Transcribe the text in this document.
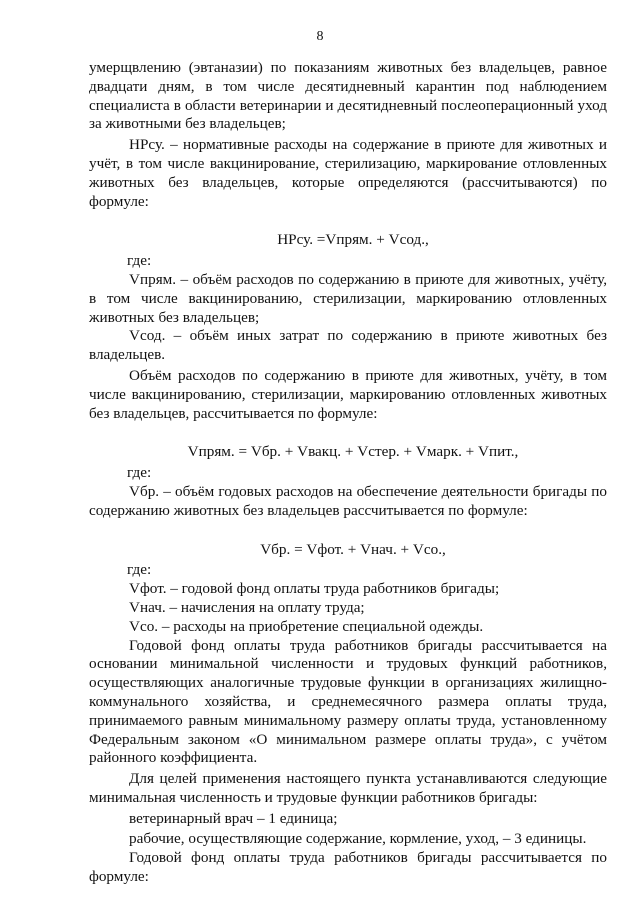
8

умерщвлению (эвтаназии) по показаниям животных без владельцев, равное двадцати дням, в том числе десятидневный карантин под наблюдением специалиста в области ветеринарии и десятидневный послеоперационный уход за животными без владельцев;

НРсу. – нормативные расходы на содержание в приюте для животных и учёт, в том числе вакцинирование, стерилизацию, маркирование отловленных животных без владельцев, которые определяются (рассчитываются) по формуле:

НРсу. =Vпрям. + Vсод.,

где:

Vпрям. – объём расходов по содержанию в приюте для животных, учёту, в том числе вакцинированию, стерилизации, маркированию отловленных животных без владельцев;

Vсод. – объём иных затрат по содержанию в приюте животных без владельцев.

Объём расходов по содержанию в приюте для животных, учёту, в том числе вакцинированию, стерилизации, маркированию отловленных животных без владельцев, рассчитывается по формуле:

Vпрям. = Vбр. + Vвакц. + Vстер. + Vмарк. + Vпит.,

где:

Vбр. – объём годовых расходов на обеспечение деятельности бригады по содержанию животных без владельцев рассчитывается по формуле:

Vбр. = Vфот. + Vнач. + Vсо.,

где:

Vфот. – годовой фонд оплаты труда работников бригады;

Vнач. – начисления на оплату труда;

Vсо. – расходы на приобретение специальной одежды.

Годовой фонд оплаты труда работников бригады рассчитывается на основании минимальной численности и трудовых функций работников, осуществляющих аналогичные трудовые функции в организациях жилищно-коммунального хозяйства, и среднемесячного размера оплаты труда, принимаемого равным минимальному размеру оплаты труда, установленному Федеральным законом «О минимальном размере оплаты труда», с учётом районного коэффициента.

Для целей применения настоящего пункта устанавливаются следующие минимальная численность и трудовые функции работников бригады:

ветеринарный врач – 1 единица;

рабочие, осуществляющие содержание, кормление, уход, – 3 единицы.

Годовой фонд оплаты труда работников бригады рассчитывается по формуле:
